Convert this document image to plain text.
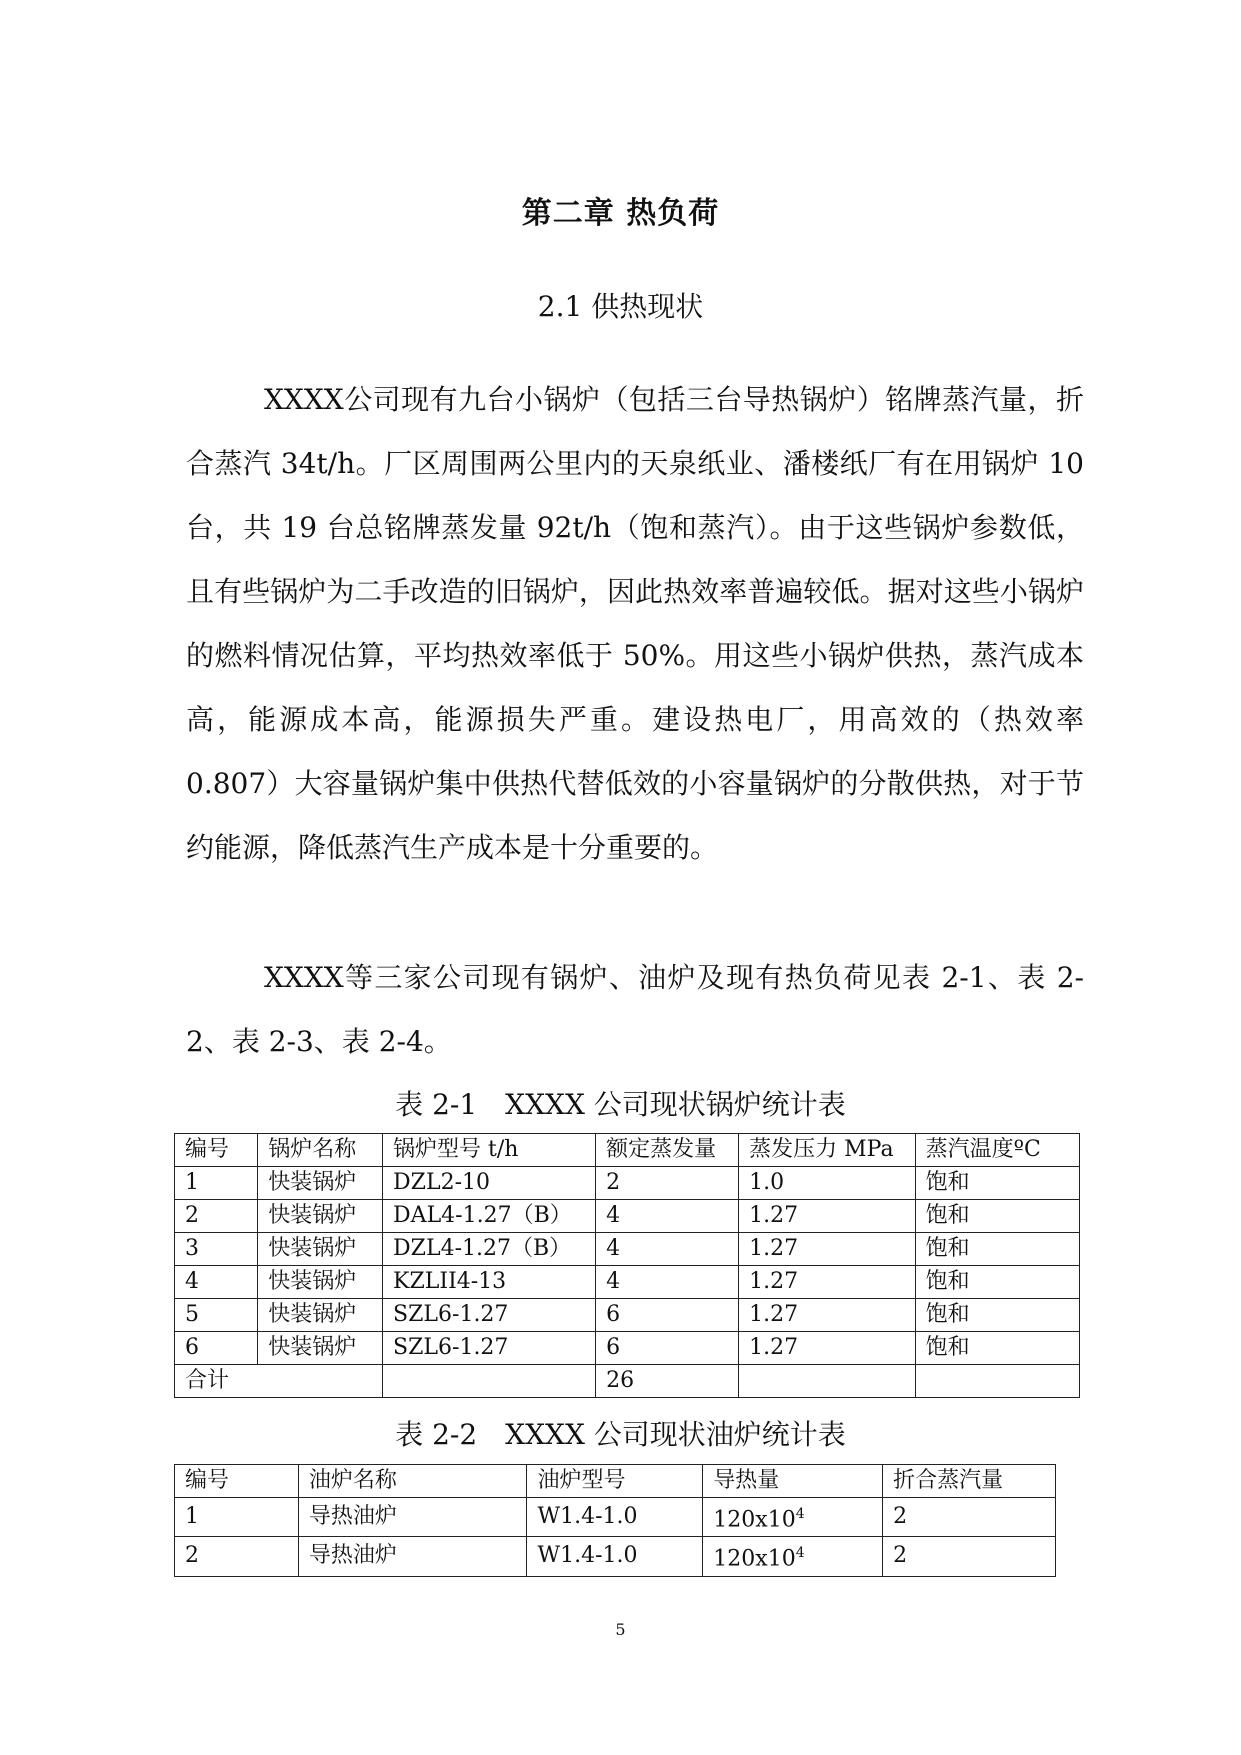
第二章 热负荷
2.1 供热现状

XXXX公司现有九台小锅炉（包括三台导热锅炉）铭牌蒸汽量，折合蒸汽 34t/h。厂区周围两公里内的天泉纸业、潘楼纸厂有在用锅炉 10 台，共 19 台总铭牌蒸发量 92t/h（饱和蒸汽）。由于这些锅炉参数低，且有些锅炉为二手改造的旧锅炉，因此热效率普遍较低。据对这些小锅炉的燃料情况估算，平均热效率低于 50%。用这些小锅炉供热，蒸汽成本高，能源成本高，能源损失严重。建设热电厂，用高效的（热效率 0.807）大容量锅炉集中供热代替低效的小容量锅炉的分散供热，对于节约能源，降低蒸汽生产成本是十分重要的。

XXXX等三家公司现有锅炉、油炉及现有热负荷见表 2-1、表 2-2、表 2-3、表 2-4。

表 2-1　XXXX 公司现状锅炉统计表
编号	锅炉名称	锅炉型号 t/h	额定蒸发量	蒸发压力 MPa	蒸汽温度ºC
1	快装锅炉	DZL2-10	2	1.0	饱和
2	快装锅炉	DAL4-1.27（B）	4	1.27	饱和
3	快装锅炉	DZL4-1.27（B）	4	1.27	饱和
4	快装锅炉	KZLII4-13	4	1.27	饱和
5	快装锅炉	SZL6-1.27	6	1.27	饱和
6	快装锅炉	SZL6-1.27	6	1.27	饱和
合计			26		
表 2-2　XXXX 公司现状油炉统计表
编号	油炉名称	油炉型号	导热量	折合蒸汽量
1	导热油炉	W1.4-1.0	$120x10^4$	2
2	导热油炉	W1.4-1.0	$120x10^4$	2
5
